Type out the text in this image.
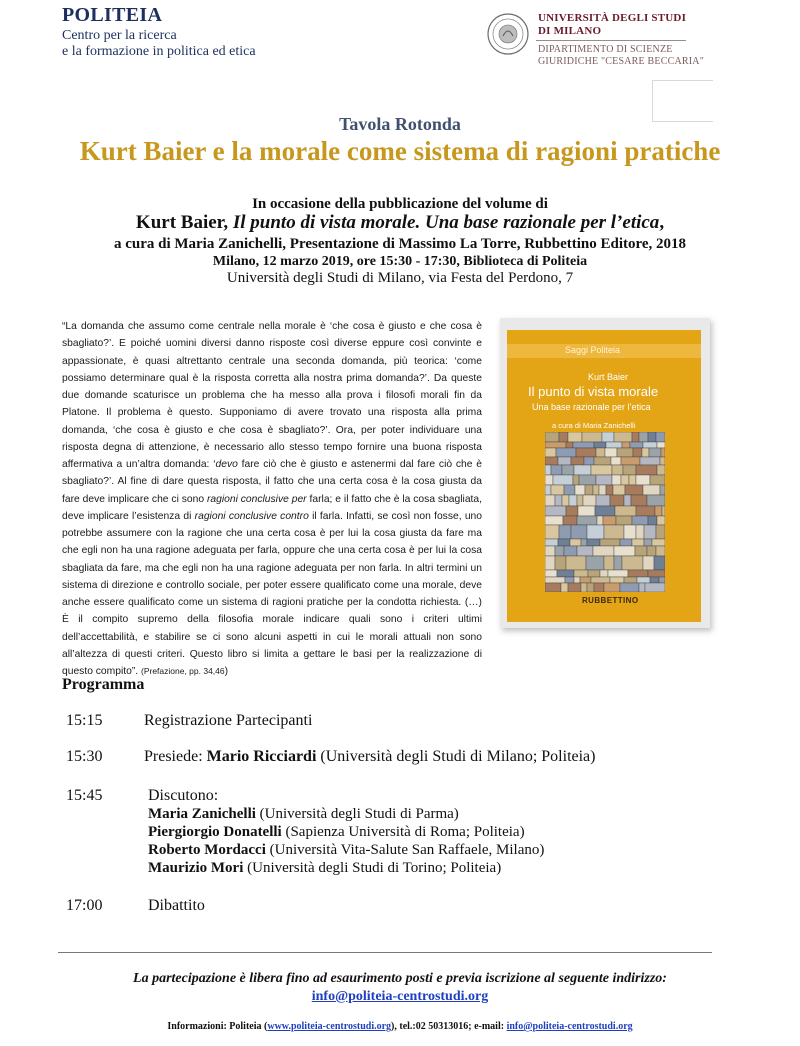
POLITEIA
Centro per la ricerca
e la formazione in politica ed etica
UNIVERSITÀ DEGLI STUDI
DI MILANO
DIPARTIMENTO DI SCIENZE
GIURIDICHE "CESARE BECCARIA"
Tavola Rotonda
Kurt Baier e la morale come sistema di ragioni pratiche
In occasione della pubblicazione del volume di
Kurt Baier, Il punto di vista morale. Una base razionale per l’etica,
a cura di Maria Zanichelli, Presentazione di Massimo La Torre, Rubbettino Editore, 2018
Milano, 12 marzo 2019, ore 15:30 - 17:30, Biblioteca di Politeia
Università degli Studi di Milano, via Festa del Perdono, 7
“La domanda che assumo come centrale nella morale è ‘che cosa è giusto e che cosa è sbagliato?’. E poiché uomini diversi danno risposte così diverse eppure così convinte e appassionate, è quasi altrettanto centrale una seconda domanda, più teorica: ‘come possiamo determinare qual è la risposta corretta alla nostra prima domanda?’. Da queste due domande scaturisce un problema che ha messo alla prova i filosofi morali fin da Platone. Il problema è questo. Supponiamo di avere trovato una risposta alla prima domanda, ‘che cosa è giusto e che cosa è sbagliato?’. Ora, per poter individuare una risposta degna di attenzione, è necessario allo stesso tempo fornire una buona risposta affermativa a un’altra domanda: ‘devo fare ciò che è giusto e astenermi dal fare ciò che è sbagliato?’. Al fine di dare questa risposta, il fatto che una certa cosa è la cosa giusta da fare deve implicare che ci sono ragioni conclusive per farla; e il fatto che è la cosa sbagliata, deve implicare l’esistenza di ragioni conclusive contro il farla. Infatti, se così non fosse, uno potrebbe assumere con la ragione che una certa cosa è per lui la cosa giusta da fare ma che egli non ha una ragione adeguata per farla, oppure che una certa cosa è per lui la cosa sbagliata da fare, ma che egli non ha una ragione adeguata per non farla. In altri termini un sistema di direzione e controllo sociale, per poter essere qualificato come una morale, deve anche essere qualificato come un sistema di ragioni pratiche per la condotta richiesta. (…) È il compito supremo della filosofia morale indicare quali sono i criteri ultimi dell’accettabilità, e stabilire se ci sono alcuni aspetti in cui le morali attuali non sono all’altezza di questi criteri. Questo libro si limita a gettare le basi per la realizzazione di questo compito”. (Prefazione, pp. 34,46)
Saggi Politeia
Kurt Baier
Il punto di vista morale
Una base razionale per l’etica
a cura di Maria Zanichelli
RUBBETTINO
Programma
15:15	Registrazione Partecipanti
15:30	Presiede: Mario Ricciardi (Università degli Studi di Milano; Politeia)
15:45	Discutono:
Maria Zanichelli (Università degli Studi di Parma)
Piergiorgio Donatelli (Sapienza Università di Roma; Politeia)
Roberto Mordacci (Università Vita-Salute San Raffaele, Milano)
Maurizio Mori (Università degli Studi di Torino; Politeia)
17:00	Dibattito
La partecipazione è libera fino ad esaurimento posti e previa iscrizione al seguente indirizzo:
info@politeia-centrostudi.org
Informazioni: Politeia (www.politeia-centrostudi.org), tel.:02 50313016; e-mail: info@politeia-centrostudi.org
